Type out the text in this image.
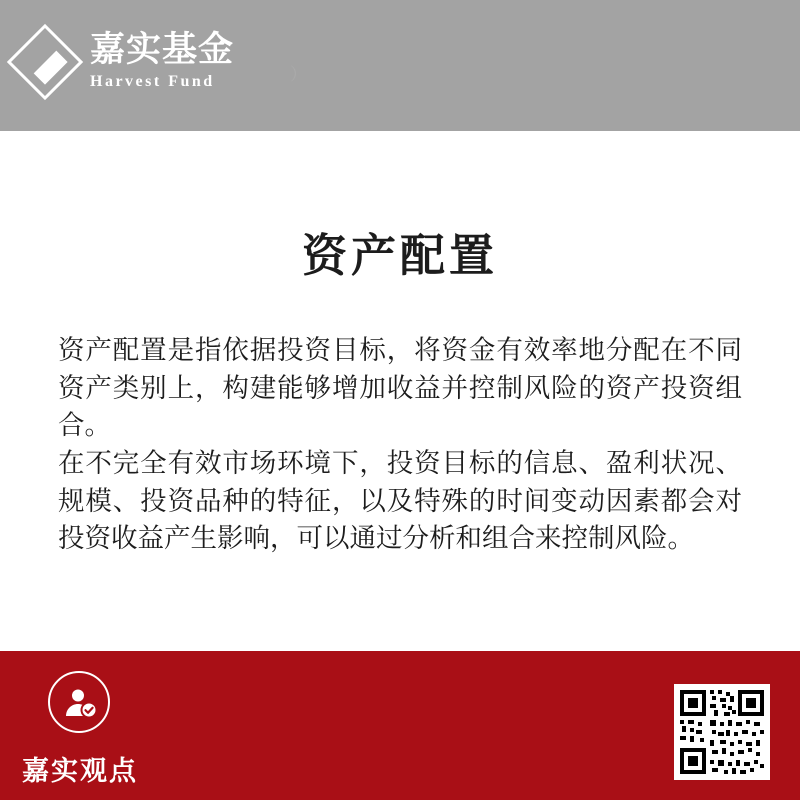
嘉实基金
Harvest Fund	）
资产配置

资产配置是指依据投资目标，将资金有效率地分配在不同资产类别上，构建能够增加收益并控制风险的资产投资组合。

在不完全有效市场环境下，投资目标的信息、盈利状况、规模、投资品种的特征，以及特殊的时间变动因素都会对投资收益产生影响，可以通过分析和组合来控制风险。

嘉实观点
